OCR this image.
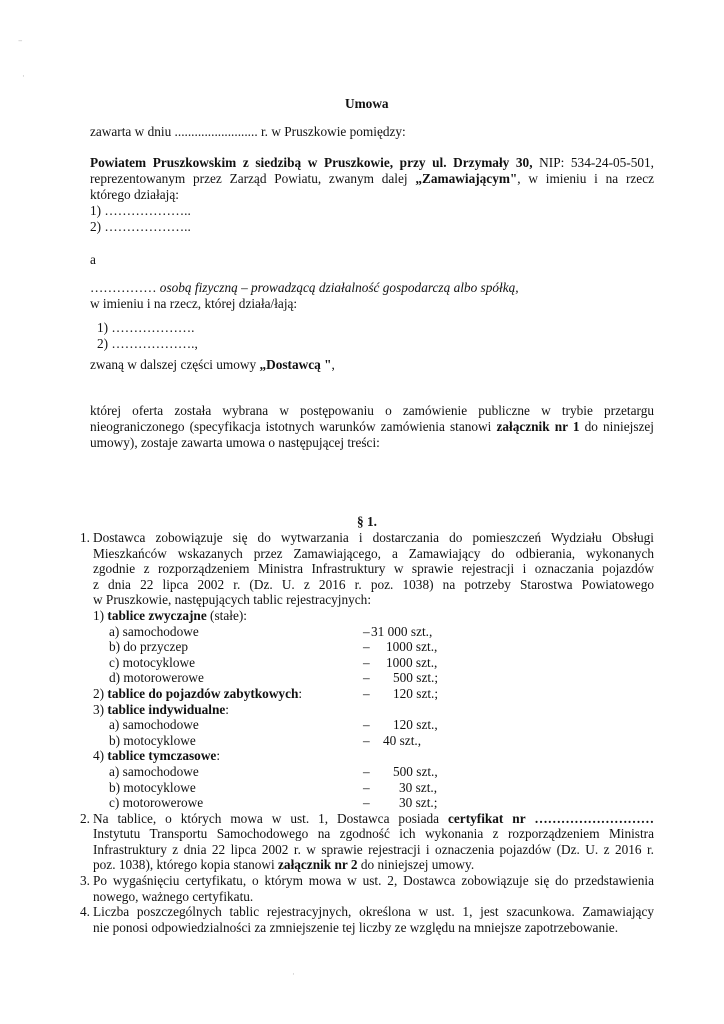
–
·
Umowa
zawarta w dniu ......................... r. w Pruszkowie pomiędzy:
Powiatem Pruszkowskim z siedzibą w Pruszkowie, przy ul. Drzymały 30, NIP: 534-24-05-501,
reprezentowanym przez Zarząd Powiatu, zwanym dalej „Zamawiającym", w imieniu i na rzecz
którego działają:
1) ………………..
2) ………………..
a
…………… osobą fizyczną – prowadzącą działalność gospodarczą albo spółką,
w imieniu i na rzecz, której działa/łają:
1) ……………….
2) ……………….,
zwaną w dalszej części umowy „Dostawcą ",
której oferta została wybrana w postępowaniu o zamówienie publiczne w trybie przetargu
nieograniczonego (specyfikacja istotnych warunków zamówienia stanowi załącznik nr 1 do niniejszej
umowy), zostaje zawarta umowa o następującej treści:
§ 1.
1. Dostawca zobowiązuje się do wytwarzania i dostarczania do pomieszczeń Wydziału Obsługi
Mieszkańców wskazanych przez Zamawiającego, a Zamawiający do odbierania, wykonanych
zgodnie z rozporządzeniem Ministra Infrastruktury w sprawie rejestracji i oznaczania pojazdów
z dnia 22 lipca 2002 r. (Dz. U. z 2016 r. poz. 1038) na potrzeby Starostwa Powiatowego
w Pruszkowie, następujących tablic rejestracyjnych:
1) tablice zwyczajne (stałe):
a) samochodowe	– 31 000 szt.,
b) do przyczep	– 1000 szt.,
c) motocyklowe	– 1000 szt.,
d) motorowerowe	– 500 szt.;
2) tablice do pojazdów zabytkowych:	– 120 szt.;
3) tablice indywidualne:
a) samochodowe	– 120 szt.,
b) motocyklowe	– 40 szt.,
4) tablice tymczasowe:
a) samochodowe	– 500 szt.,
b) motocyklowe	– 30 szt.,
c) motorowerowe	– 30 szt.;
2. Na tablice, o których mowa w ust. 1, Dostawca posiada certyfikat nr ………………………
Instytutu Transportu Samochodowego na zgodność ich wykonania z rozporządzeniem Ministra
Infrastruktury z dnia 22 lipca 2002 r. w sprawie rejestracji i oznaczenia pojazdów (Dz. U. z 2016 r.
poz. 1038), którego kopia stanowi załącznik nr 2 do niniejszej umowy.
3. Po wygaśnięciu certyfikatu, o którym mowa w ust. 2, Dostawca zobowiązuje się do przedstawienia
nowego, ważnego certyfikatu.
4. Liczba poszczególnych tablic rejestracyjnych, określona w ust. 1, jest szacunkowa. Zamawiający
nie ponosi odpowiedzialności za zmniejszenie tej liczby ze względu na mniejsze zapotrzebowanie.
·
